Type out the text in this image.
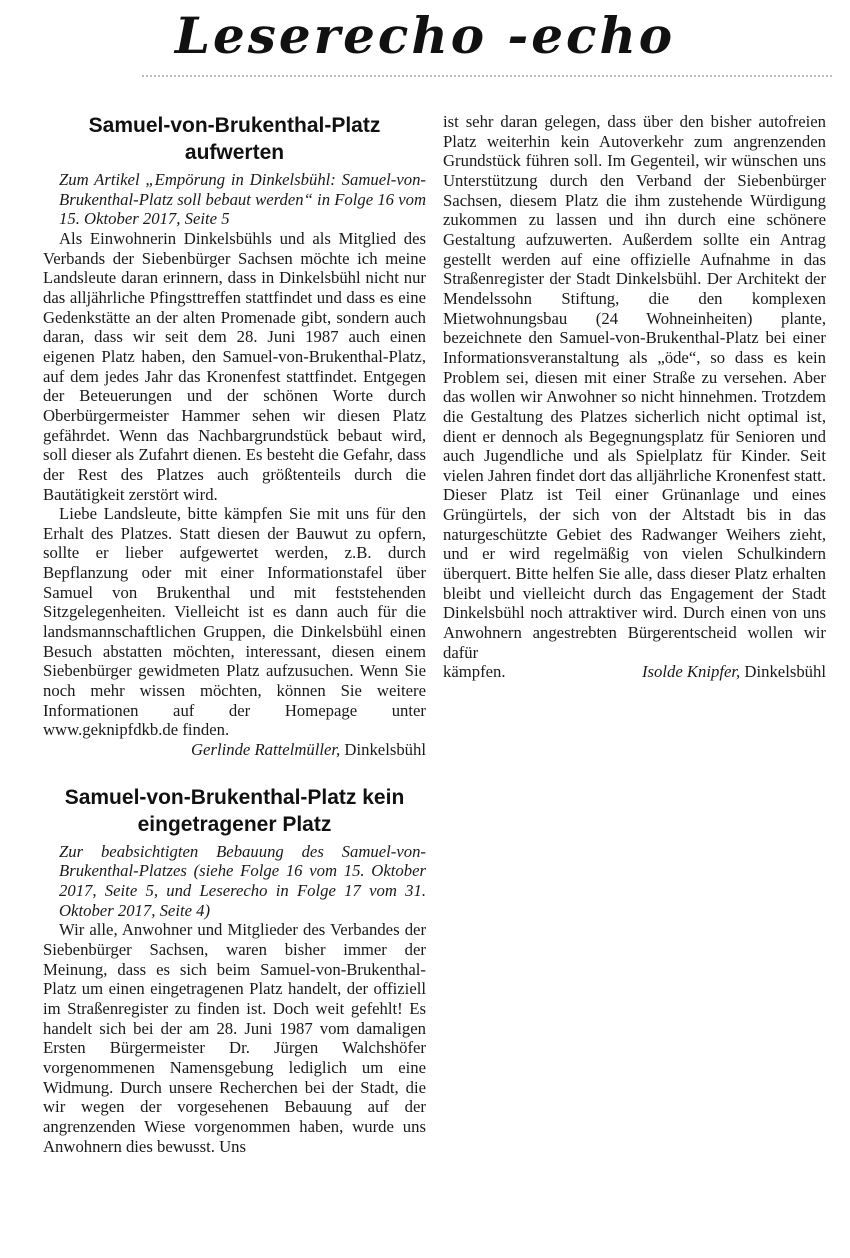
Leserecho -echo
Samuel-von-Brukenthal-Platz aufwerten

Zum Artikel „Empörung in Dinkelsbühl: Samuel-von-Brukenthal-Platz soll bebaut werden“ in Folge 16 vom 15. Oktober 2017, Seite 5

Als Einwohnerin Dinkelsbühls und als Mitglied des Verbands der Siebenbürger Sachsen möchte ich meine Landsleute daran erinnern, dass in Dinkelsbühl nicht nur das alljährliche Pfingsttreffen stattfindet und dass es eine Gedenkstätte an der alten Promenade gibt, sondern auch daran, dass wir seit dem 28. Juni 1987 auch einen eigenen Platz haben, den Samuel-von-Brukenthal-Platz, auf dem jedes Jahr das Kronenfest stattfindet. Entgegen der Beteuerungen und der schönen Worte durch Oberbürgermeister Hammer sehen wir diesen Platz gefährdet. Wenn das Nachbargrundstück bebaut wird, soll dieser als Zufahrt dienen. Es besteht die Gefahr, dass der Rest des Platzes auch größtenteils durch die Bautätigkeit zerstört wird.

Liebe Landsleute, bitte kämpfen Sie mit uns für den Erhalt des Platzes. Statt diesen der Bauwut zu opfern, sollte er lieber aufgewertet werden, z.B. durch Bepflanzung oder mit einer Informationstafel über Samuel von Brukenthal und mit feststehenden Sitzgelegenheiten. Vielleicht ist es dann auch für die landsmannschaftlichen Gruppen, die Dinkelsbühl einen Besuch abstatten möchten, interessant, diesen einem Siebenbürger gewidmeten Platz aufzusuchen. Wenn Sie noch mehr wissen möchten, können Sie weitere Informationen auf der Homepage unter www.geknipfdkb.de finden.

Gerlinde Rattelmüller, Dinkelsbühl

Samuel-von-Brukenthal-Platz kein eingetragener Platz

Zur beabsichtigten Bebauung des Samuel-von-Brukenthal-Platzes (siehe Folge 16 vom 15. Oktober 2017, Seite 5, und Leserecho in Folge 17 vom 31. Oktober 2017, Seite 4)

Wir alle, Anwohner und Mitglieder des Verbandes der Siebenbürger Sachsen, waren bisher immer der Meinung, dass es sich beim Samuel-von-Brukenthal-Platz um einen eingetragenen Platz handelt, der offiziell im Straßenregister zu finden ist. Doch weit gefehlt! Es handelt sich bei der am 28. Juni 1987 vom damaligen Ersten Bürgermeister Dr. Jürgen Walchshöfer vorgenommenen Namensgebung lediglich um eine Widmung. Durch unsere Recherchen bei der Stadt, die wir wegen der vorgesehenen Bebauung auf der angrenzenden Wiese vorgenommen haben, wurde uns Anwohnern dies bewusst. Uns

ist sehr daran gelegen, dass über den bisher autofreien Platz weiterhin kein Autoverkehr zum angrenzenden Grundstück führen soll. Im Gegenteil, wir wünschen uns Unterstützung durch den Verband der Siebenbürger Sachsen, diesem Platz die ihm zustehende Würdigung zukommen zu lassen und ihn durch eine schönere Gestaltung aufzuwerten. Außerdem sollte ein Antrag gestellt werden auf eine offizielle Aufnahme in das Straßenregister der Stadt Dinkelsbühl. Der Architekt der Mendelssohn Stiftung, die den komplexen Mietwohnungsbau (24 Wohneinheiten) plante, bezeichnete den Samuel-von-Brukenthal-Platz bei einer Informationsveranstaltung als „öde“, so dass es kein Problem sei, diesen mit einer Straße zu versehen. Aber das wollen wir Anwohner so nicht hinnehmen. Trotzdem die Gestaltung des Platzes sicherlich nicht optimal ist, dient er dennoch als Begegnungsplatz für Senioren und auch Jugendliche und als Spielplatz für Kinder. Seit vielen Jahren findet dort das alljährliche Kronenfest statt. Dieser Platz ist Teil einer Grünanlage und eines Grüngürtels, der sich von der Altstadt bis in das naturgeschützte Gebiet des Radwanger Weihers zieht, und er wird regelmäßig von vielen Schulkindern überquert. Bitte helfen Sie alle, dass dieser Platz erhalten bleibt und vielleicht durch das Engagement der Stadt Dinkelsbühl noch attraktiver wird. Durch einen von uns Anwohnern angestrebten Bürgerentscheid wollen wir dafür

kämpfen.	Isolde Knipfer, Dinkelsbühl
